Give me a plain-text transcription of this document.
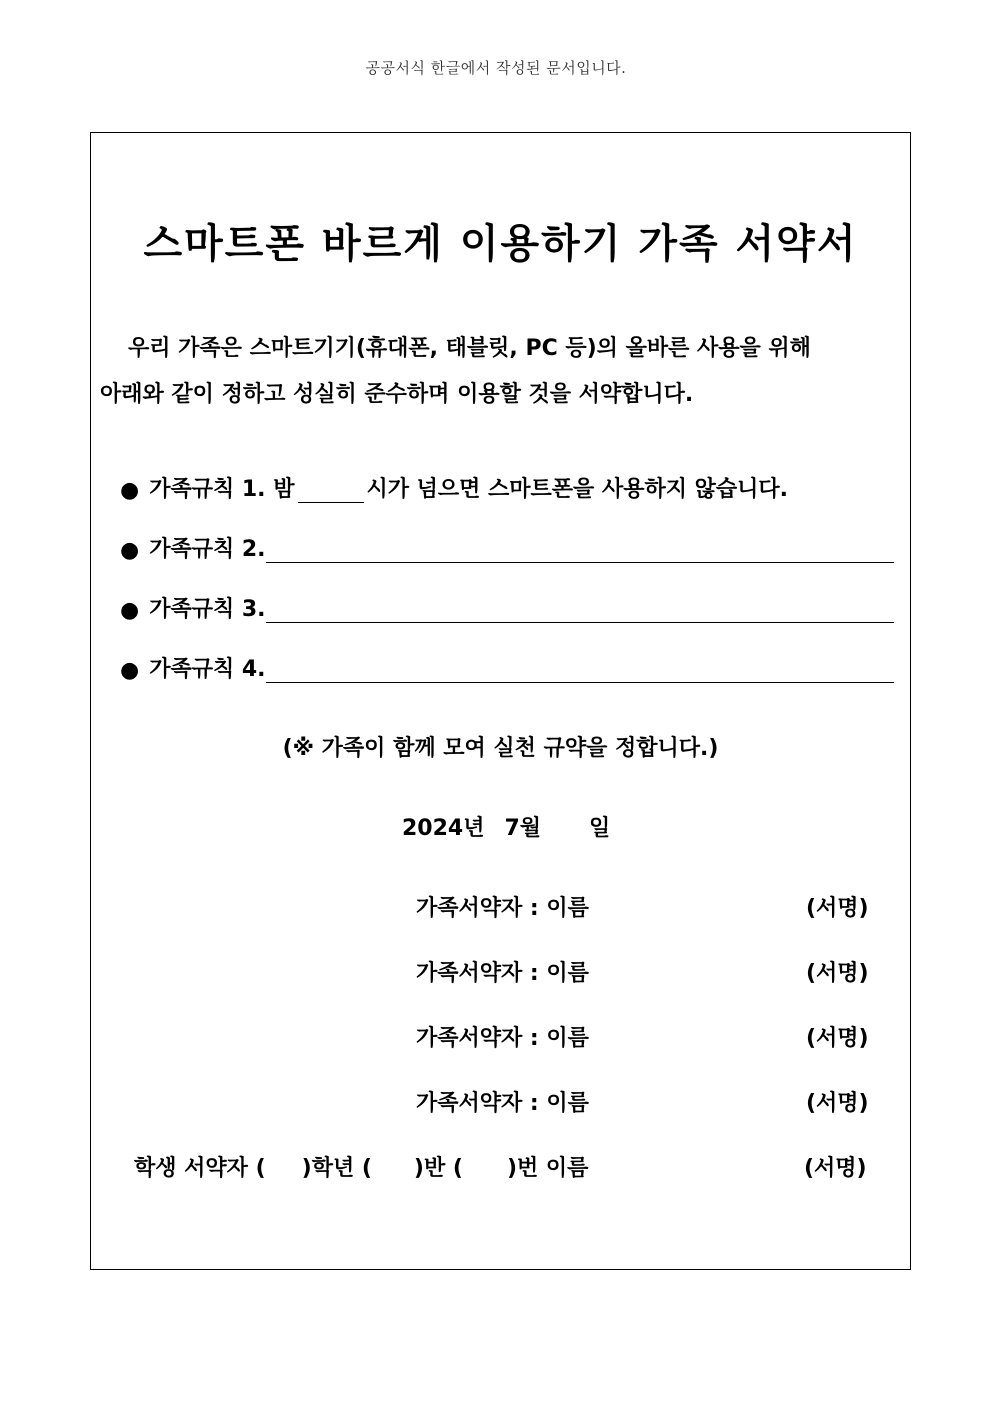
공공서식 한글에서 작성된 문서입니다.
스마트폰 바르게 이용하기 가족 서약서
우리 가족은 스마트기기(휴대폰, 태블릿, PC 등)의 올바른 사용을 위해
아래와 같이 정하고 성실히 준수하며 이용할 것을 서약합니다.
● 가족규칙 1. 밤	시가 넘으면 스마트폰을 사용하지 않습니다.
● 가족규칙 2.
● 가족규칙 3.
● 가족규칙 4.
(※ 가족이 함께 모여 실천 규약을 정합니다.)
2024년 7월 일
가족서약자 : 이름	(서명)
가족서약자 : 이름	(서명)
가족서약자 : 이름	(서명)
가족서약자 : 이름	(서명)
학생 서약자 ( )학년 ( )반 ( )번 이름	(서명)
